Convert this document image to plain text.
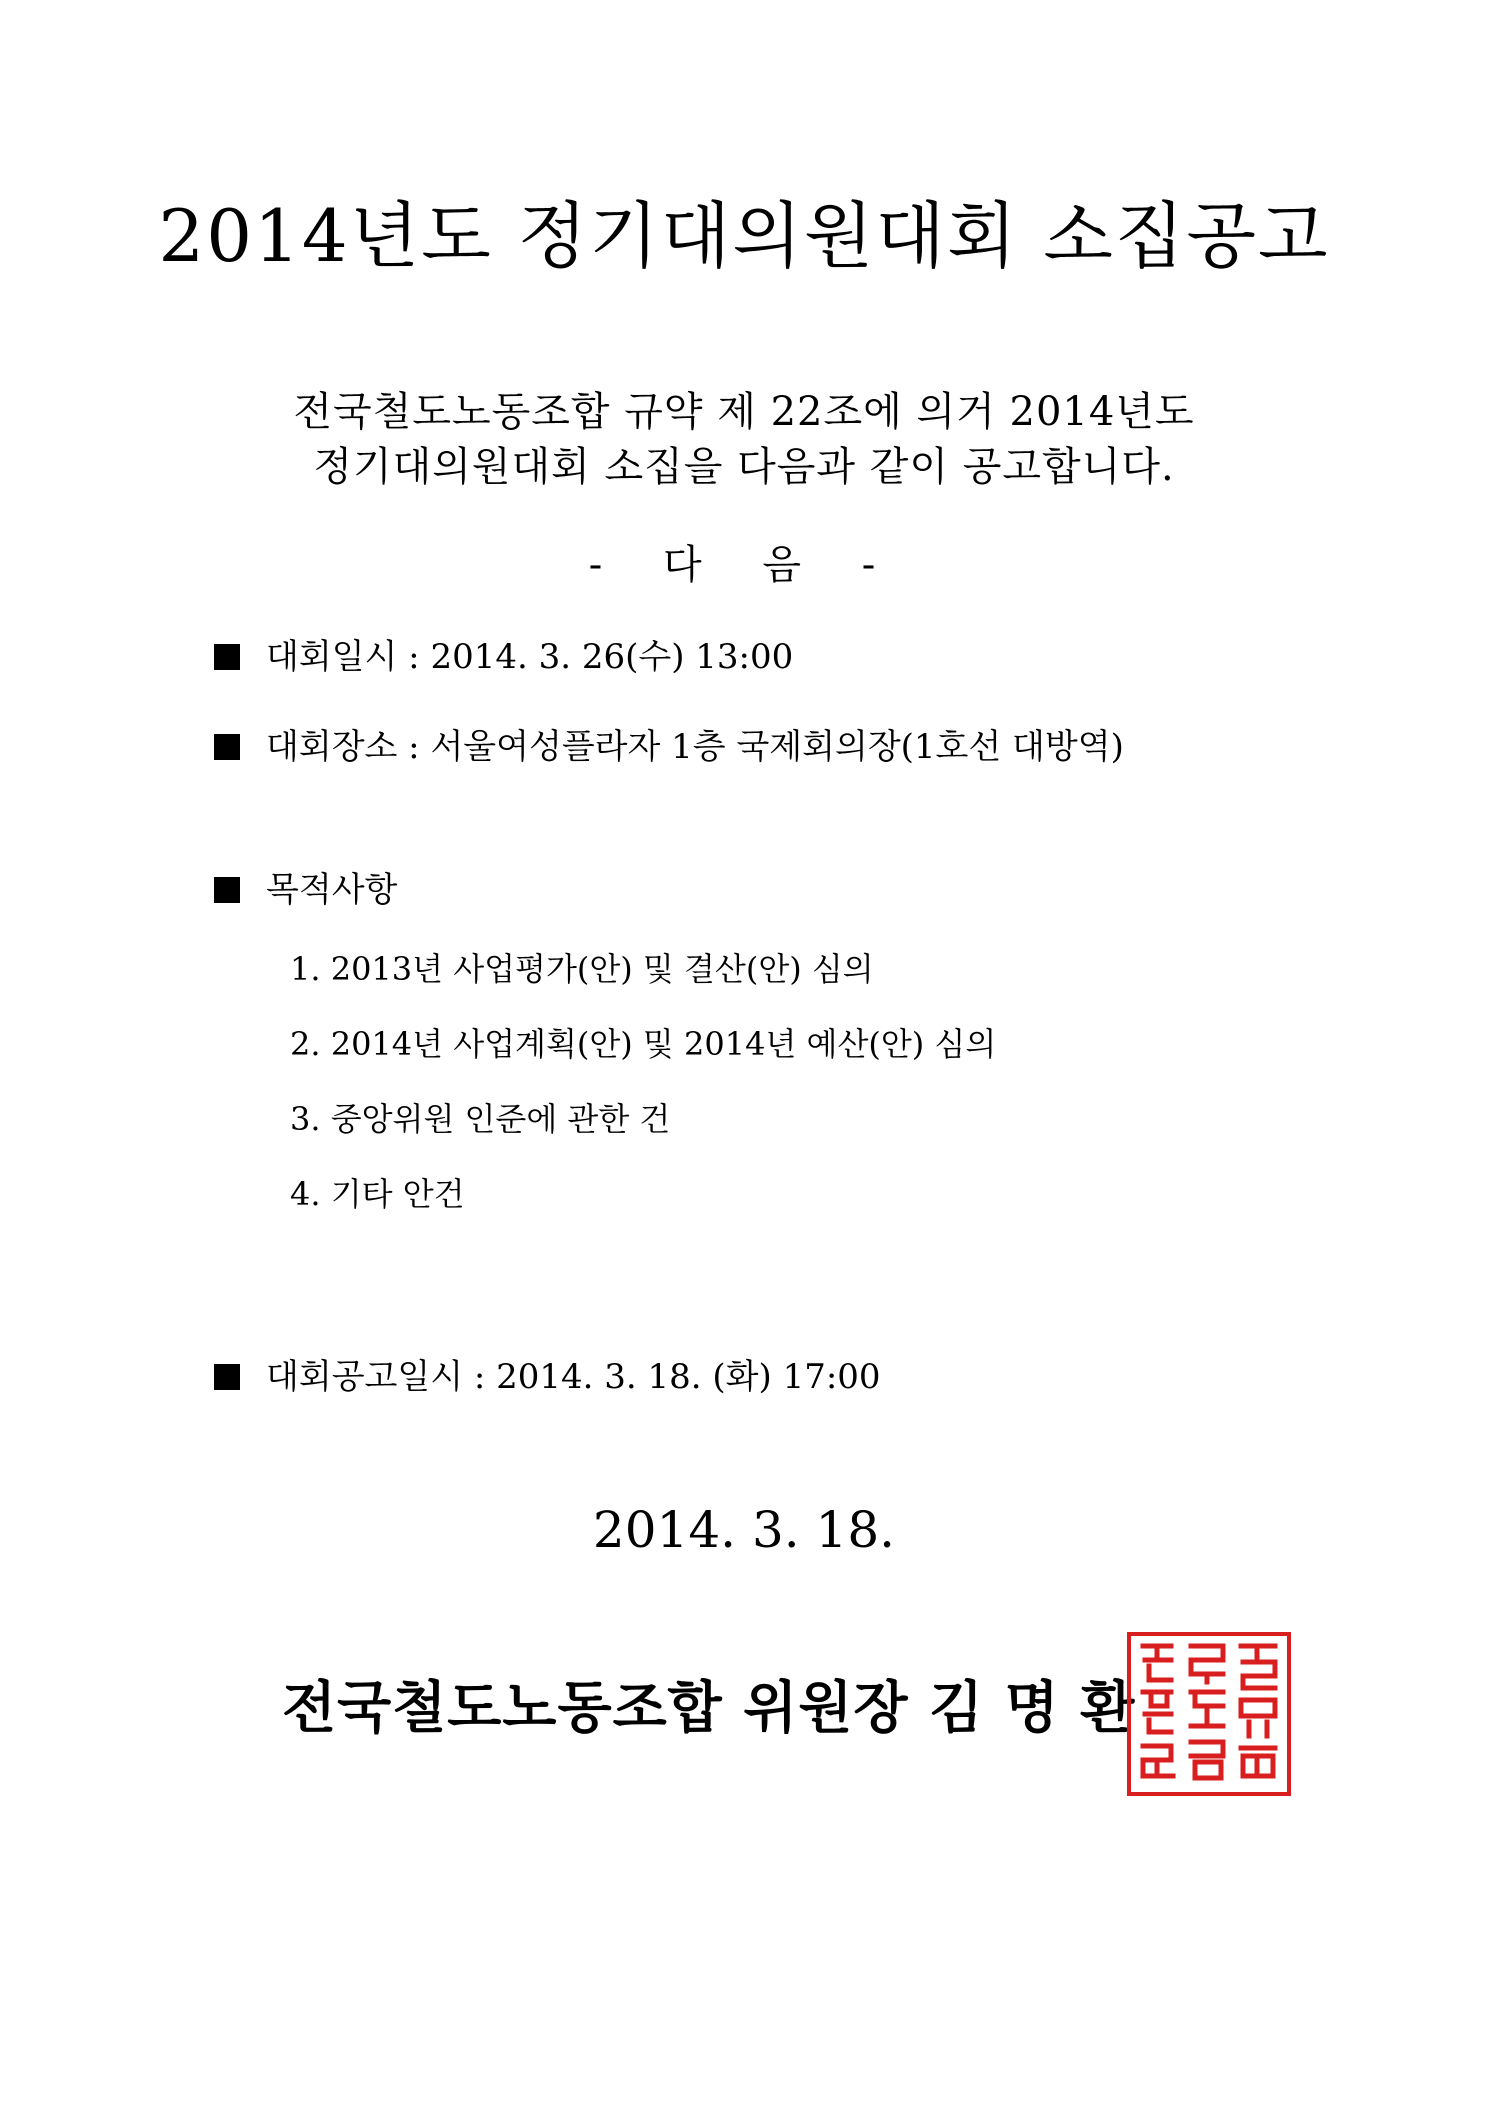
2014년도 정기대의원대회 소집공고
전국철도노동조합 규약 제 22조에 의거 2014년도
정기대의원대회 소집을 다음과 같이 공고합니다.
- 다 음 -
대회일시 : 2014. 3. 26(수) 13:00
대회장소 : 서울여성플라자 1층 국제회의장(1호선 대방역)
목적사항
1. 2013년 사업평가(안) 및 결산(안) 심의
2. 2014년 사업계획(안) 및 2014년 예산(안) 심의
3. 중앙위원 인준에 관한 건
4. 기타 안건
대회공고일시 : 2014. 3. 18. (화) 17:00
2014. 3. 18.
전국철도노동조합 위원장 김 명 환
